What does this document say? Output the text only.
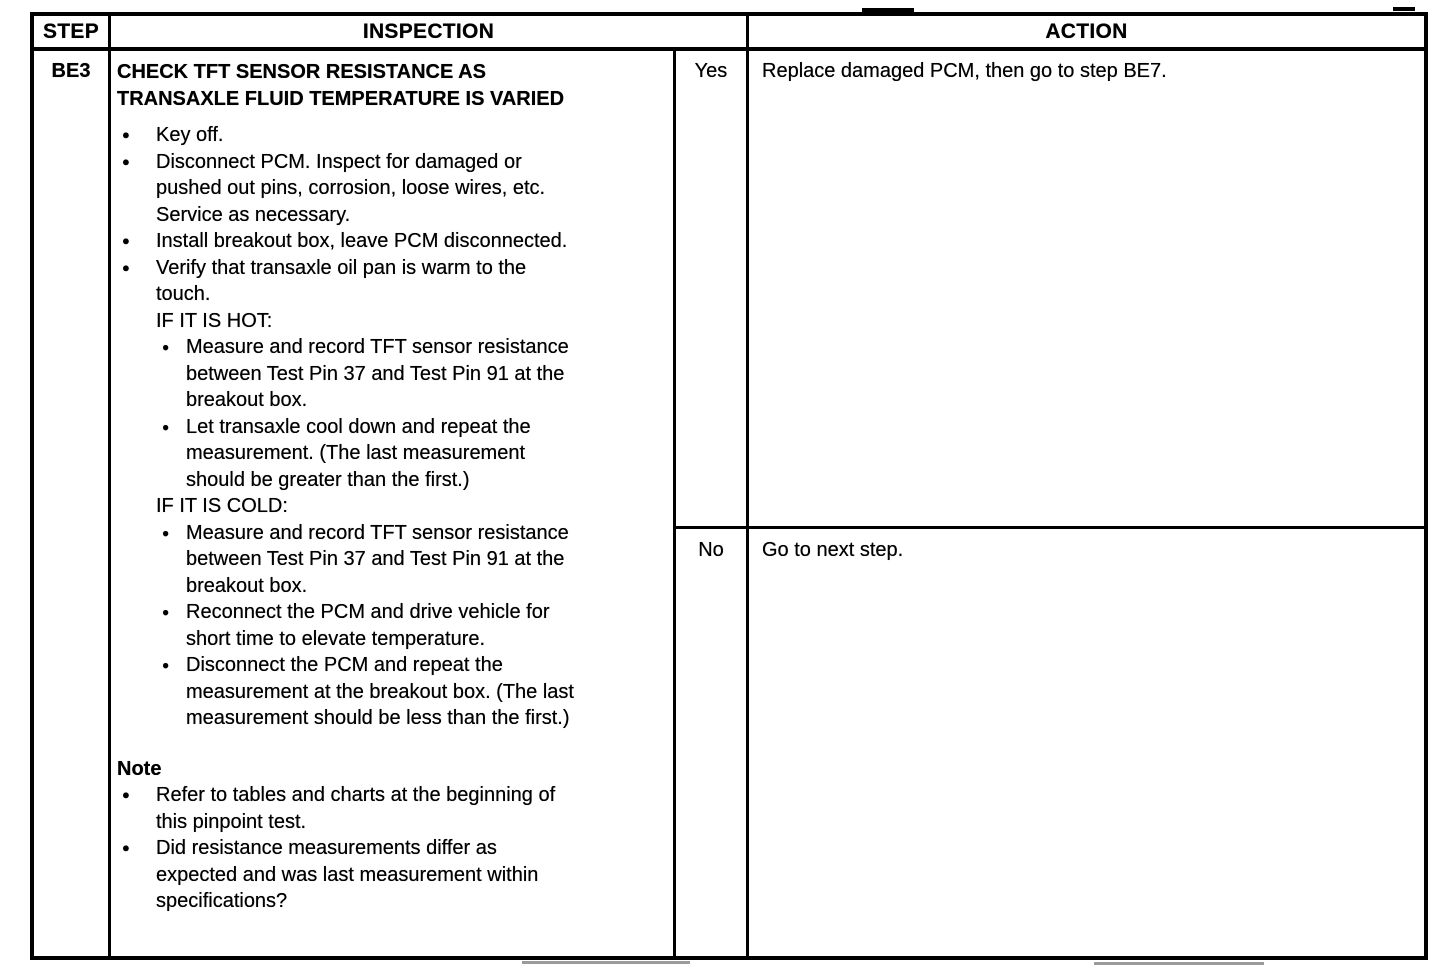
STEP	INSPECTION	ACTION
BE3	CHECK TFT SENSOR RESISTANCE AS TRANSAXLE FLUID TEMPERATURE IS VARIED
●	Key off.
●	Disconnect PCM. Inspect for damaged or pushed out pins, corrosion, loose wires, etc. Service as necessary.
●	Install breakout box, leave PCM disconnected.
●	Verify that transaxle oil pan is warm to the touch.
IF IT IS HOT:
● Measure and record TFT sensor resistance between Test Pin 37 and Test Pin 91 at the breakout box.
● Let transaxle cool down and repeat the measurement. (The last measurement should be greater than the first.)
IF IT IS COLD:
● Measure and record TFT sensor resistance between Test Pin 37 and Test Pin 91 at the breakout box.
● Reconnect the PCM and drive vehicle for short time to elevate temperature.
● Disconnect the PCM and repeat the measurement at the breakout box. (The last measurement should be less than the first.)
Note
●	Refer to tables and charts at the beginning of this pinpoint test.
●	Did resistance measurements differ as expected and was last measurement within specifications?
Yes	Replace damaged PCM, then go to step BE7.
No	Go to next step.
